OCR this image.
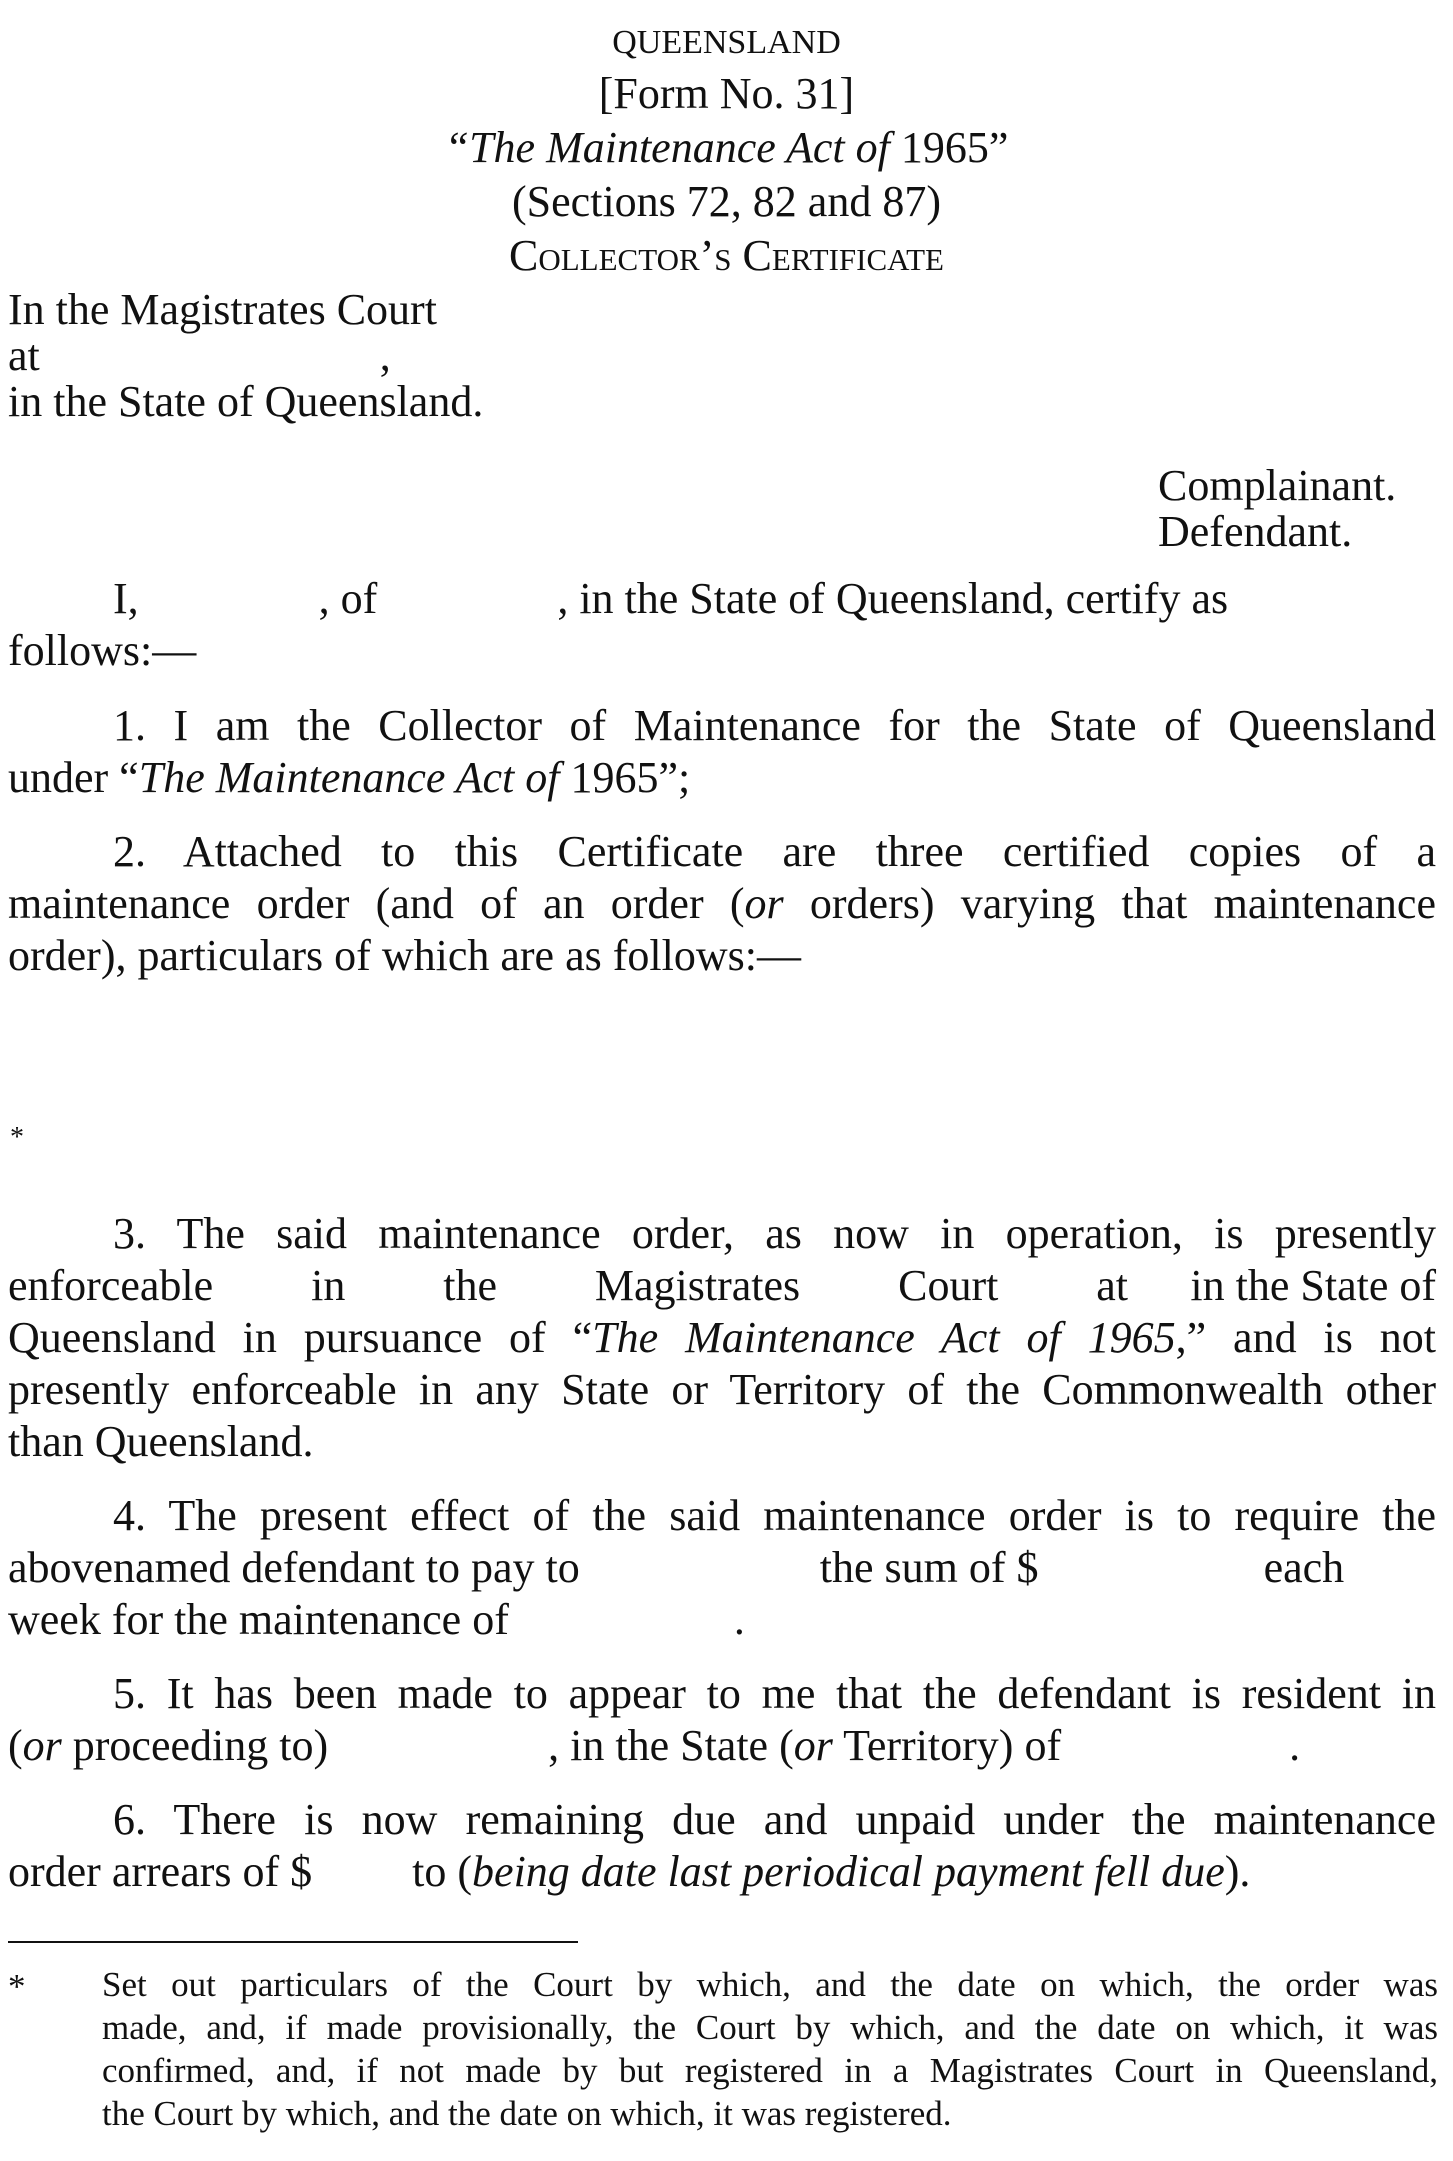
QUEENSLAND
[Form No. 31]
“The Maintenance Act of 1965”
(Sections 72, 82 and 87)
Collector’s Certificate
In the Magistrates Court
at	,
in the State of Queensland.
Complainant.
Defendant.
I,	, of	, in the State of Queensland, certify as
follows:—
1. I am the Collector of Maintenance for the State of Queensland
under “The Maintenance Act of 1965”;
2. Attached to this Certificate are three certified copies of a
maintenance order (and of an order (or orders) varying that maintenance
order), particulars of which are as follows:—
*
3. The said maintenance order, as now in operation, is presently
enforceable in the Magistrates Court at in the State of
Queensland in pursuance of “The Maintenance Act of 1965,” and is not
presently enforceable in any State or Territory of the Commonwealth other
than Queensland.
4. The present effect of the said maintenance order is to require the
abovenamed defendant to pay to	the sum of $	each
week for the maintenance of	.
5. It has been made to appear to me that the defendant is resident in
(or proceeding to)	, in the State (or Territory) of	.
6. There is now remaining due and unpaid under the maintenance
order arrears of $ to (being date last periodical payment fell due).
* Set out particulars of the Court by which, and the date on which, the order was
made, and, if made provisionally, the Court by which, and the date on which, it was
confirmed, and, if not made by but registered in a Magistrates Court in Queensland,
the Court by which, and the date on which, it was registered.
